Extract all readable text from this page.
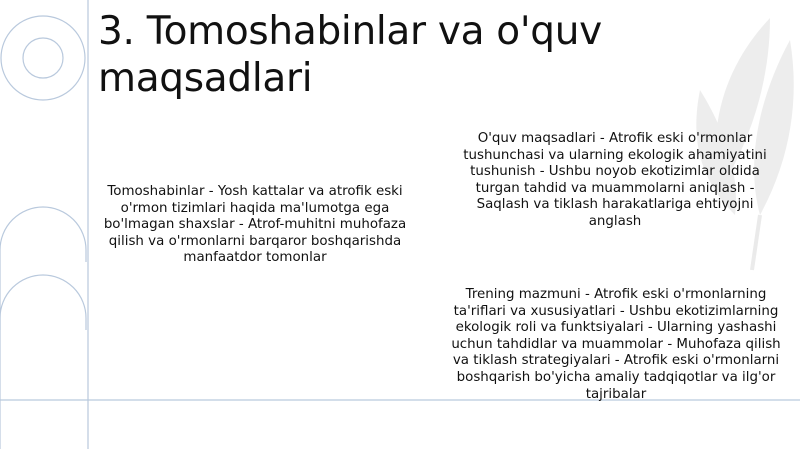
3. Tomoshabinlar va o'quv maqsadlari

Tomoshabinlar - Yosh kattalar va atrofik eski o'rmon tizimlari haqida ma'lumotga ega bo'lmagan shaxslar - Atrof-muhitni muhofaza qilish va o'rmonlarni barqaror boshqarishda manfaatdor tomonlar

O'quv maqsadlari - Atrofik eski o'rmonlar tushunchasi va ularning ekologik ahamiyatini tushunish - Ushbu noyob ekotizimlar oldida turgan tahdid va muammolarni aniqlash - Saqlash va tiklash harakatlariga ehtiyojni anglash

Trening mazmuni - Atrofik eski o'rmonlarning ta'riflari va xususiyatlari - Ushbu ekotizimlarning ekologik roli va funktsiyalari - Ularning yashashi uchun tahdidlar va muammolar - Muhofaza qilish va tiklash strategiyalari - Atrofik eski o'rmonlarni boshqarish bo'yicha amaliy tadqiqotlar va ilg'or tajribalar
